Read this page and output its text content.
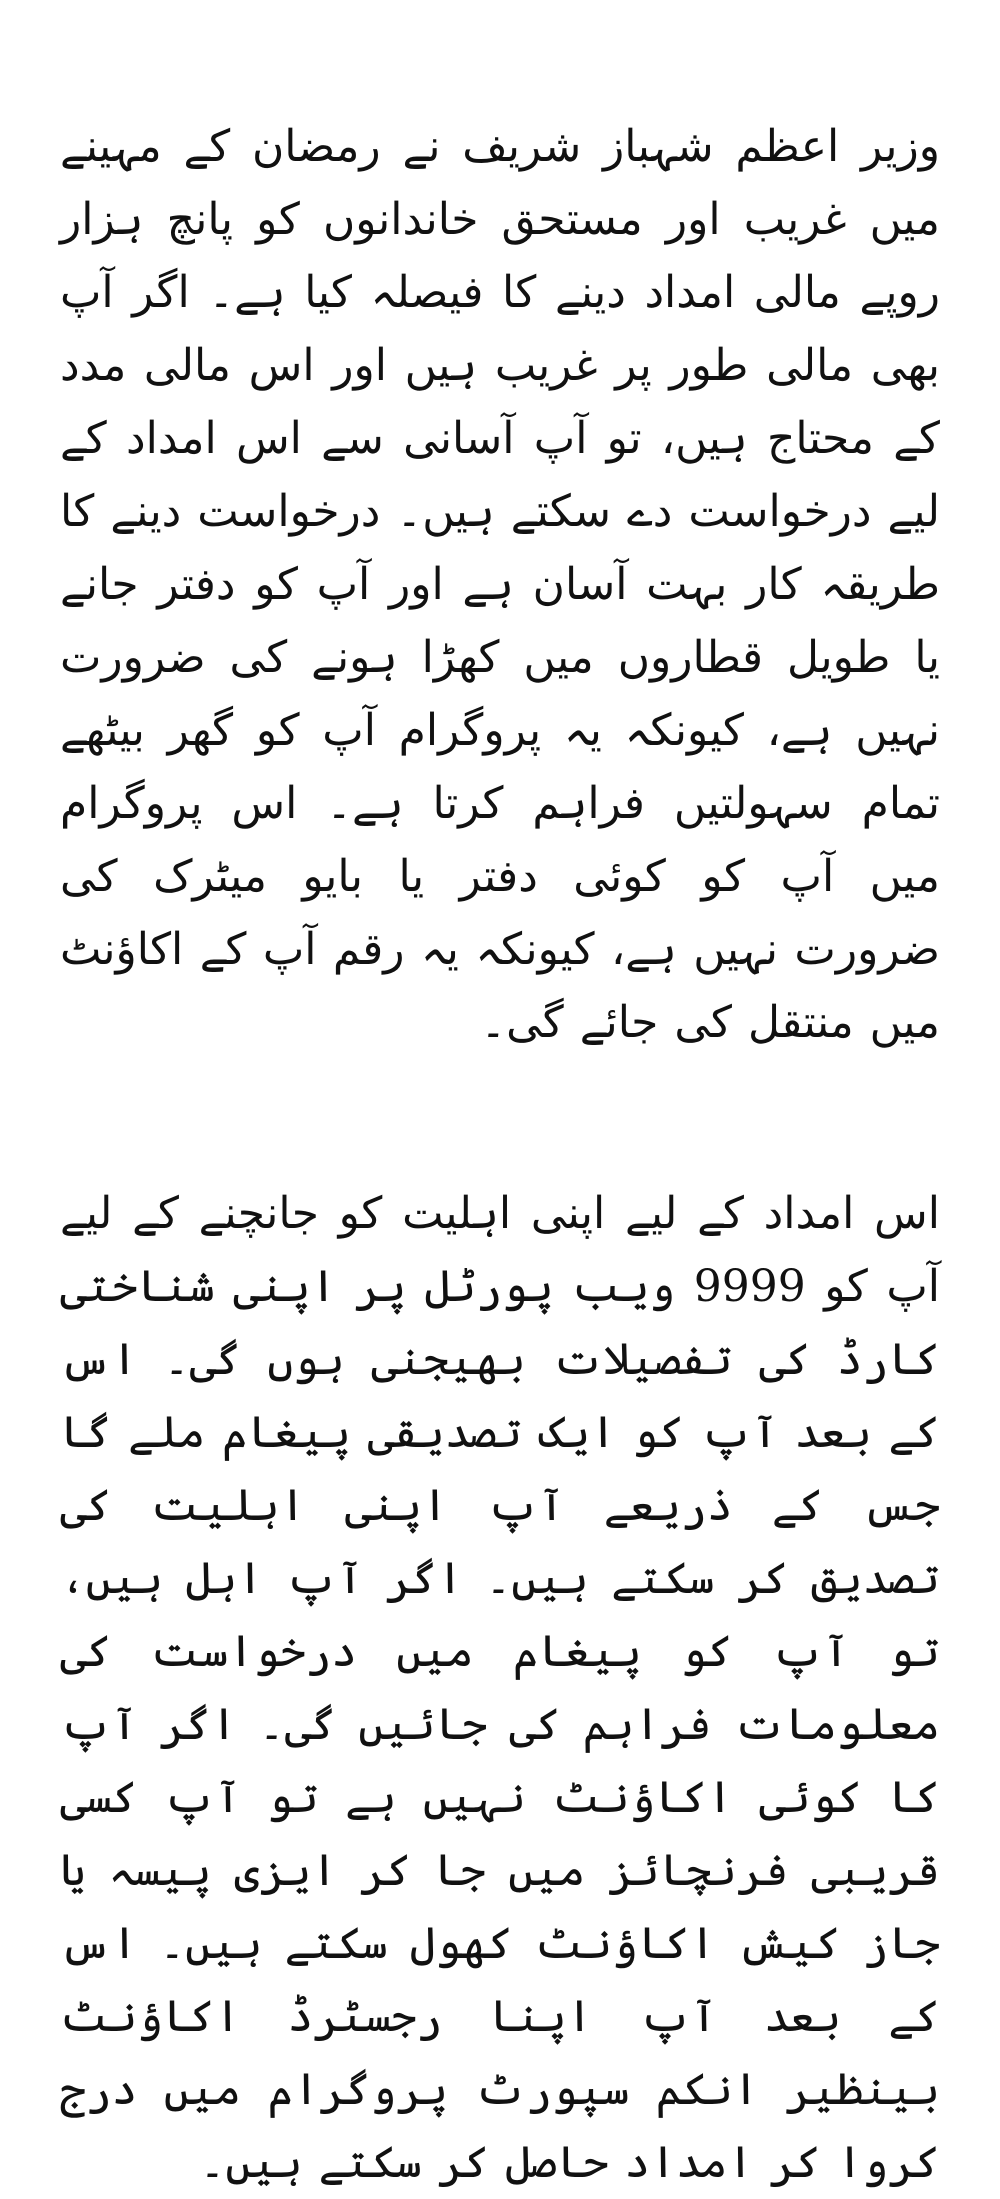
وزیر اعظم شہباز شریف نے رمضان کے مہینے میں غریب اور مستحق خاندانوں کو پانچ ہزار روپے مالی امداد دینے کا فیصلہ کیا ہے۔ اگر آپ بھی مالی طور پر غریب ہیں اور اس مالی مدد کے محتاج ہیں، تو آپ آسانی سے اس امداد کے لیے درخواست دے سکتے ہیں۔ درخواست دینے کا طریقہ کار بہت آسان ہے اور آپ کو دفتر جانے یا طویل قطاروں میں کھڑا ہونے کی ضرورت نہیں ہے، کیونکہ یہ پروگرام آپ کو گھر بیٹھے تمام سہولتیں فراہم کرتا ہے۔ اس پروگرام میں آپ کو کوئی دفتر یا بایو میٹرک کی ضرورت نہیں ہے، کیونکہ یہ رقم آپ کے اکاؤنٹ میں منتقل کی جائے گی۔

اس امداد کے لیے اپنی اہلیت کو جانچنے کے لیے آپ کو 9999 ویب پورٹل پر اپنی شناختی کارڈ کی تفصیلات بھیجنی ہوں گی۔ اس کے بعد آپ کو ایک تصدیقی پیغام ملے گا جس کے ذریعے آپ اپنی اہلیت کی تصدیق کر سکتے ہیں۔ اگر آپ اہل ہیں، تو آپ کو پیغام میں درخواست کی معلومات فراہم کی جائیں گی۔ اگر آپ کا کوئی اکاؤنٹ نہیں ہے تو آپ کسی قریبی فرنچائز میں جا کر ایزی پیسہ یا جاز کیش اکاؤنٹ کھول سکتے ہیں۔ اس کے بعد آپ اپنا رجسٹرڈ اکاؤنٹ بینظیر انکم سپورٹ پروگرام میں درج کروا کر امداد حاصل کر سکتے ہیں۔
